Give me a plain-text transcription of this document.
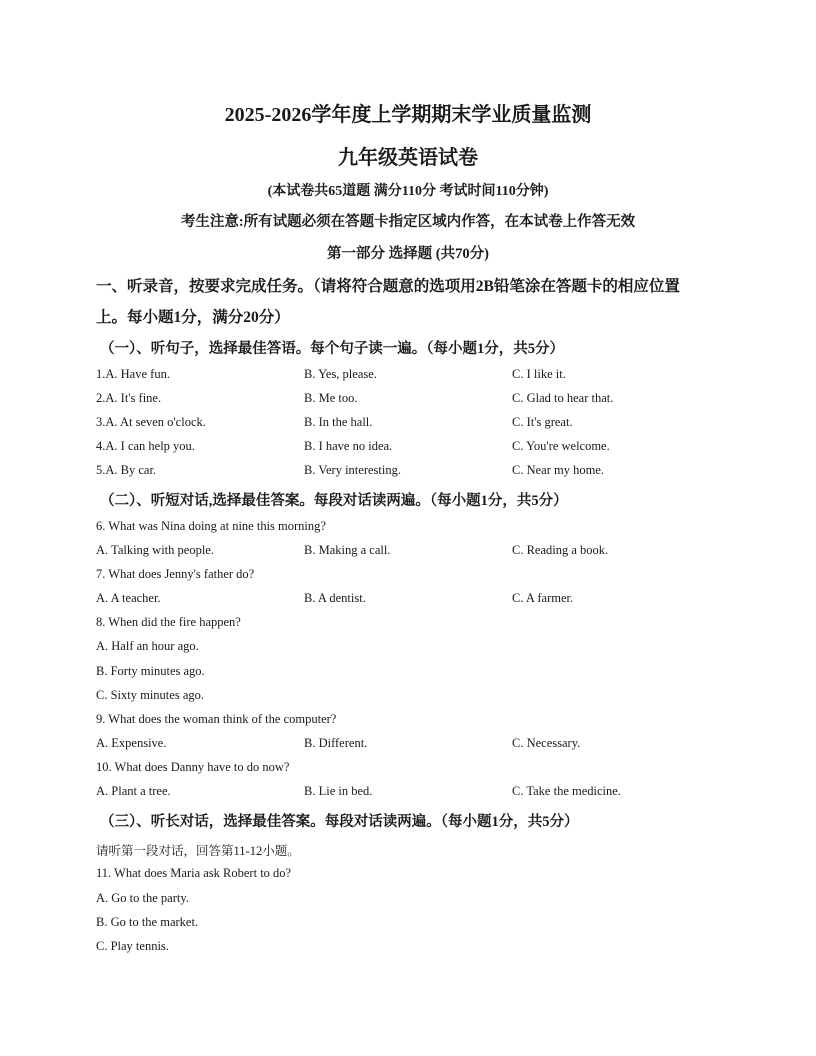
2025-2026学年度上学期期末学业质量监测
九年级英语试卷
(本试卷共65道题 满分110分 考试时间110分钟)
考生注意:所有试题必须在答题卡指定区域内作答，在本试卷上作答无效
第一部分 选择题 (共70分)
一、听录音，按要求完成任务。（请将符合题意的选项用2B铅笔涂在答题卡的相应位置
上。每小题1分，满分20分）
（一）、听句子，选择最佳答语。每个句子读一遍。（每小题1分，共5分）
1.A. Have fun.	B. Yes, please.	C. I like it.
2.A. It's fine.	B. Me too.	C. Glad to hear that.
3.A. At seven o'clock.	B. In the hall.	C. It's great.
4.A. I can help you.	B. I have no idea.	C. You're welcome.
5.A. By car.	B. Very interesting.	C. Near my home.
（二）、听短对话,选择最佳答案。每段对话读两遍。（每小题1分，共5分）
6. What was Nina doing at nine this morning?
A. Talking with people.	B. Making a call.	C. Reading a book.
7. What does Jenny's father do?
A. A teacher.	B. A dentist.	C. A farmer.
8. When did the fire happen?
A. Half an hour ago.
B. Forty minutes ago.
C. Sixty minutes ago.
9. What does the woman think of the computer?
A. Expensive.	B. Different.	C. Necessary.
10. What does Danny have to do now?
A. Plant a tree.	B. Lie in bed.	C. Take the medicine.
（三）、听长对话，选择最佳答案。每段对话读两遍。（每小题1分，共5分）
请听第一段对话，回答第11-12小题。
11. What does Maria ask Robert to do?
A. Go to the party.
B. Go to the market.
C. Play tennis.
